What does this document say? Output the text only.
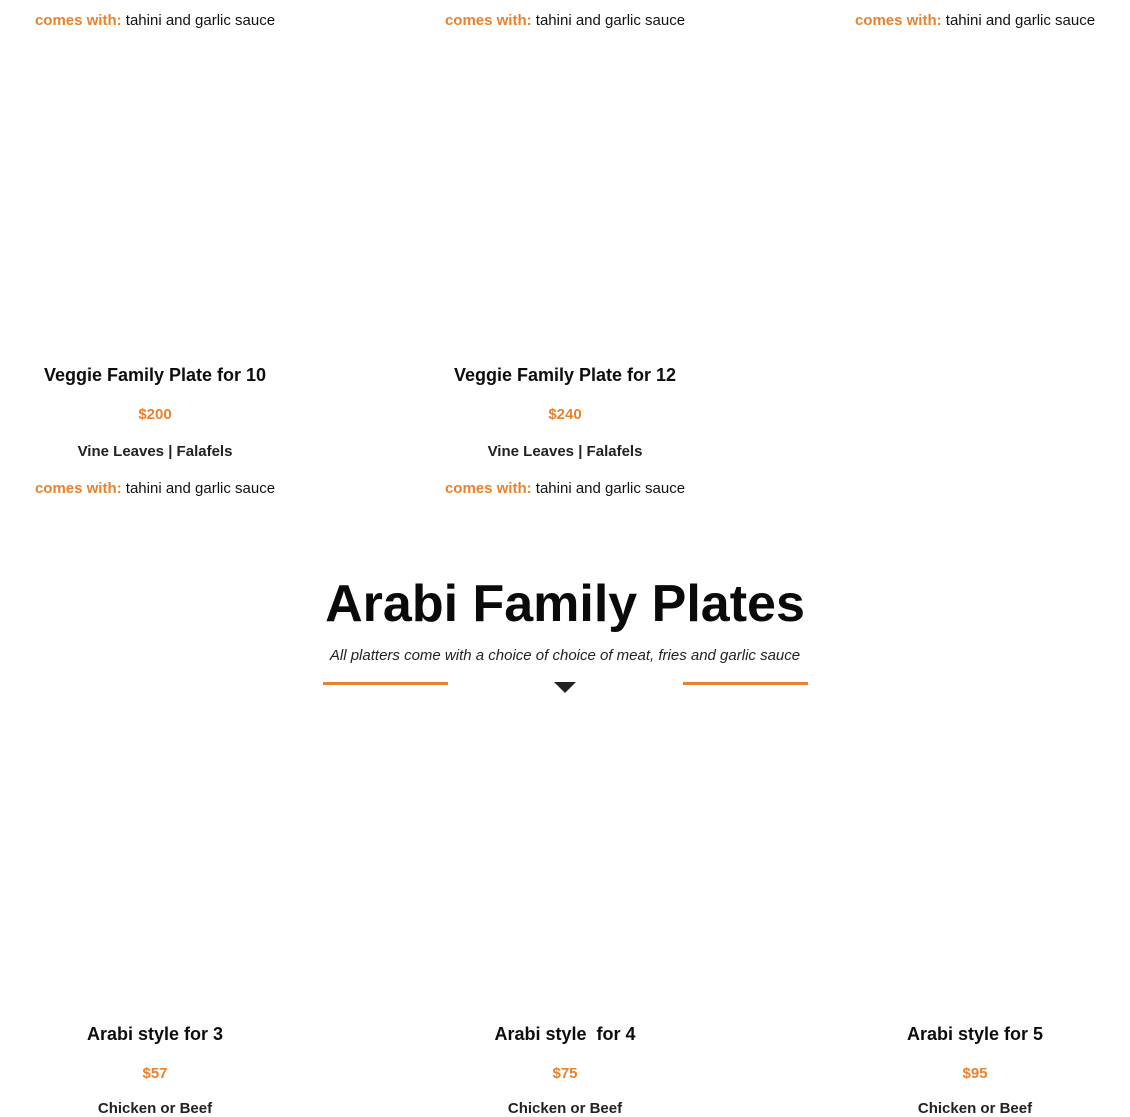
comes with: tahini and garlic sauce	comes with: tahini and garlic sauce	comes with: tahini and garlic sauce
Veggie Family Plate for 10
$200
Vine Leaves | Falafels
comes with: tahini and garlic sauce
Veggie Family Plate for 12
$240
Vine Leaves | Falafels
comes with: tahini and garlic sauce
Arabi Family Plates
All platters come with a choice of choice of meat, fries and garlic sauce
Arabi style for 3
$57
Chicken or Beef
Arabi style  for 4
$75
Chicken or Beef
Arabi style for 5
$95
Chicken or Beef
